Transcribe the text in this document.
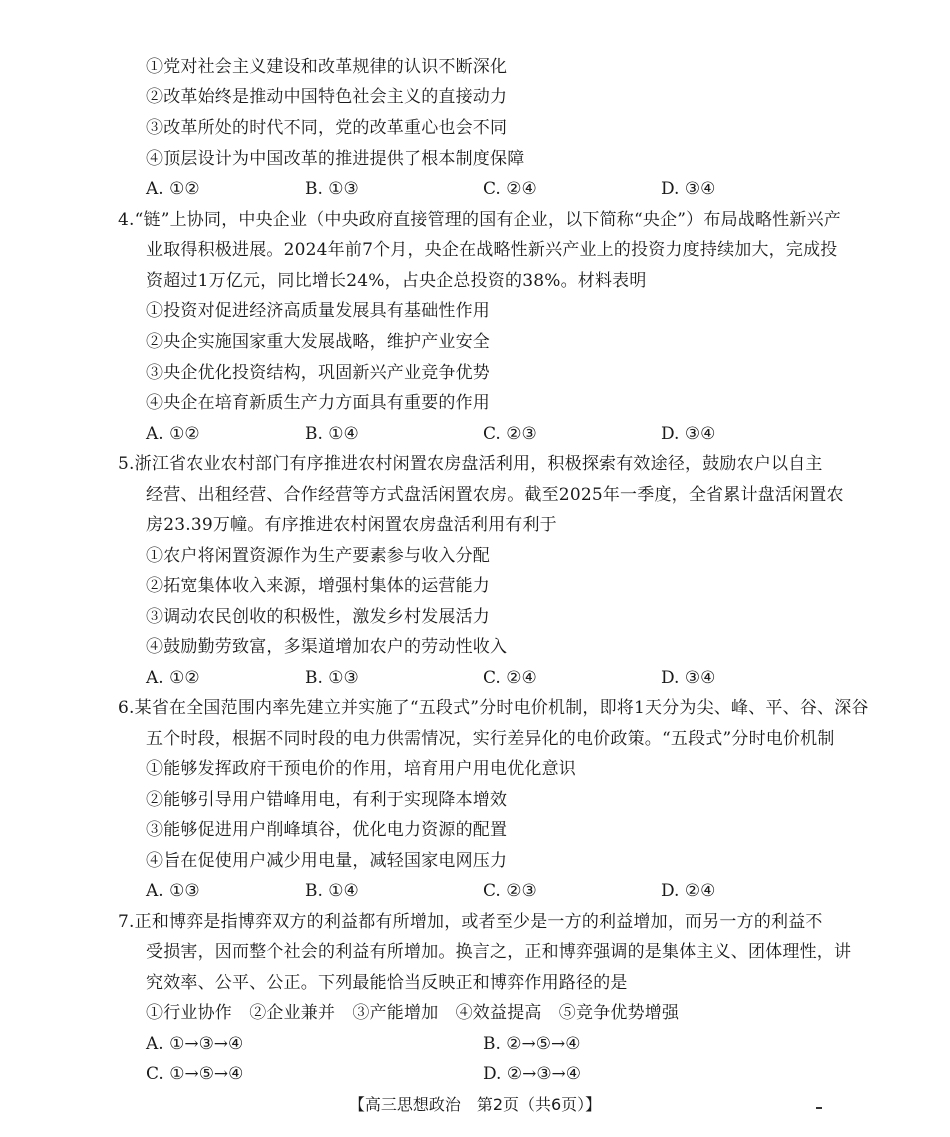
①党对社会主义建设和改革规律的认识不断深化
②改革始终是推动中国特色社会主义的直接动力
③改革所处的时代不同，党的改革重心也会不同
④顶层设计为中国改革的推进提供了根本制度保障
A. ①②	B. ①③	C. ②④	D. ③④
4.“链”上协同，中央企业（中央政府直接管理的国有企业，以下简称“央企”）布局战略性新兴产
业取得积极进展。2024年前7个月，央企在战略性新兴产业上的投资力度持续加大，完成投
资超过1万亿元，同比增长24%，占央企总投资的38%。材料表明
①投资对促进经济高质量发展具有基础性作用
②央企实施国家重大发展战略，维护产业安全
③央企优化投资结构，巩固新兴产业竞争优势
④央企在培育新质生产力方面具有重要的作用
A. ①②	B. ①④	C. ②③	D. ③④
5.浙江省农业农村部门有序推进农村闲置农房盘活利用，积极探索有效途径，鼓励农户以自主
经营、出租经营、合作经营等方式盘活闲置农房。截至2025年一季度，全省累计盘活闲置农
房23.39万幢。有序推进农村闲置农房盘活利用有利于
①农户将闲置资源作为生产要素参与收入分配
②拓宽集体收入来源，增强村集体的运营能力
③调动农民创收的积极性，激发乡村发展活力
④鼓励勤劳致富，多渠道增加农户的劳动性收入
A. ①②	B. ①③	C. ②④	D. ③④
6.某省在全国范围内率先建立并实施了“五段式”分时电价机制，即将1天分为尖、峰、平、谷、深谷
五个时段，根据不同时段的电力供需情况，实行差异化的电价政策。“五段式”分时电价机制
①能够发挥政府干预电价的作用，培育用户用电优化意识
②能够引导用户错峰用电，有利于实现降本增效
③能够促进用户削峰填谷，优化电力资源的配置
④旨在促使用户减少用电量，减轻国家电网压力
A. ①③	B. ①④	C. ②③	D. ②④
7.正和博弈是指博弈双方的利益都有所增加，或者至少是一方的利益增加，而另一方的利益不
受损害，因而整个社会的利益有所增加。换言之，正和博弈强调的是集体主义、团体理性，讲
究效率、公平、公正。下列最能恰当反映正和博弈作用路径的是
①行业协作　②企业兼并　③产能增加　④效益提高　⑤竞争优势增强
A. ①→③→④	B. ②→⑤→④
C. ①→⑤→④	D. ②→③→④
【高三思想政治　第2页（共6页）】
